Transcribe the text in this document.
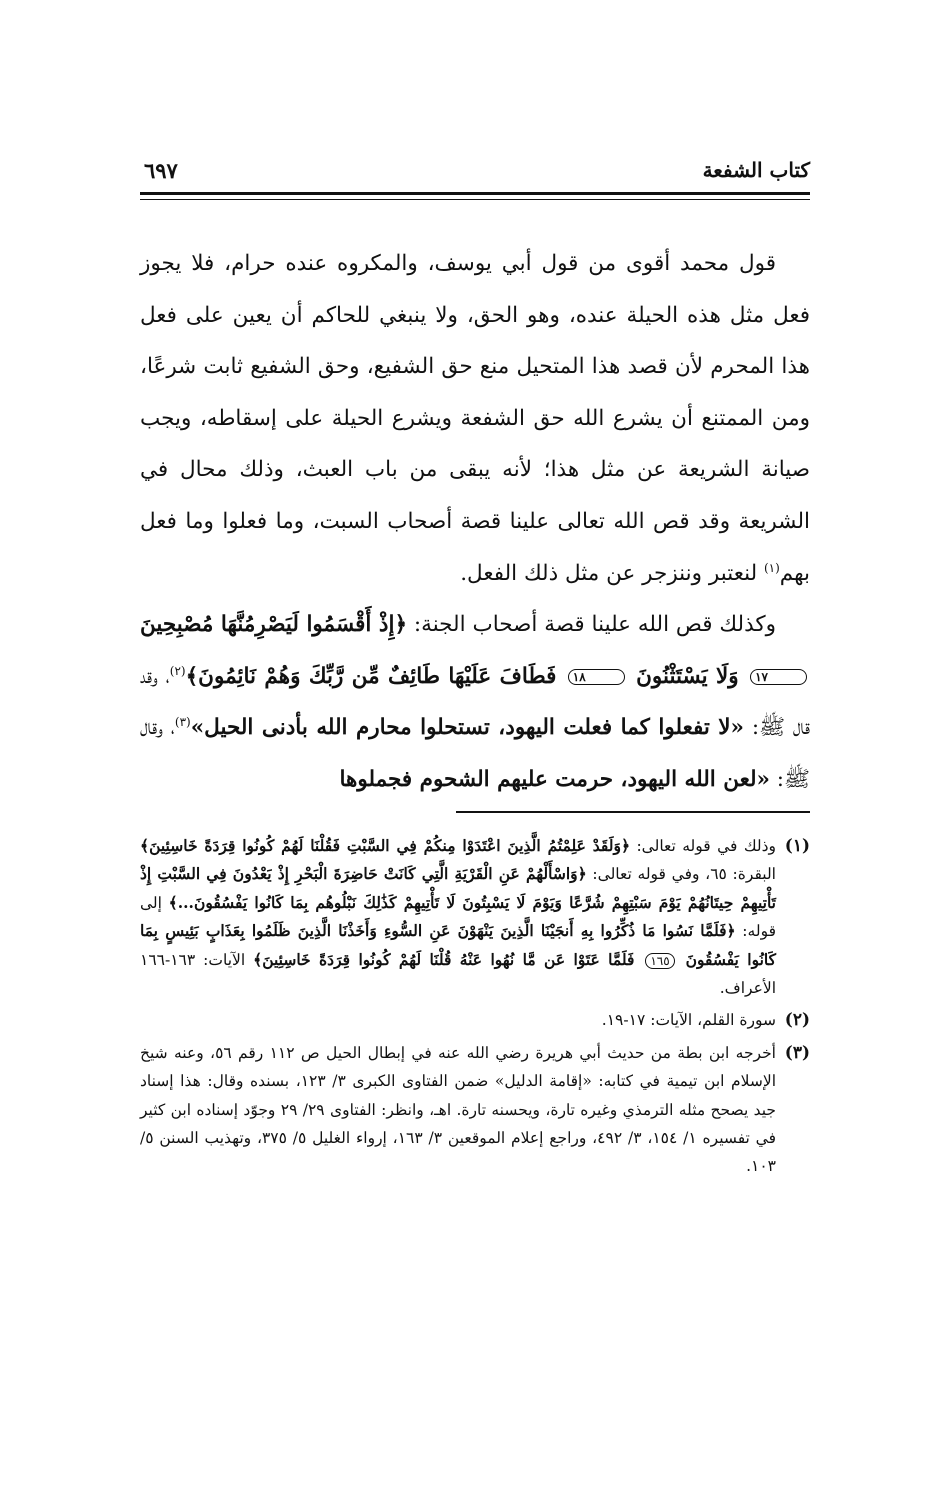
كتاب الشفعة
٦٩٧

قول محمد أقوى من قول أبي يوسف، والمكروه عنده حرام، فلا يجوز فعل مثل هذه الحيلة عنده، وهو الحق، ولا ينبغي للحاكم أن يعين على فعل هذا المحرم لأن قصد هذا المتحيل منع حق الشفيع، وحق الشفيع ثابت شرعًا، ومن الممتنع أن يشرع الله حق الشفعة ويشرع الحيلة على إسقاطه، ويجب صيانة الشريعة عن مثل هذا؛ لأنه يبقى من باب العبث، وذلك محال في الشريعة وقد قص الله تعالى علينا قصة أصحاب السبت، وما فعلوا وما فعل بهم$^{(١)}$ لنعتبر وننزجر عن مثل ذلك الفعل.

وكذلك قص الله علينا قصة أصحاب الجنة: ﴿إِذْ أَقْسَمُوا لَيَصْرِمُنَّهَا مُصْبِحِينَ ١٧ وَلَا يَسْتَثْنُونَ ١٨ فَطَافَ عَلَيْهَا طَائِفٌ مِّن رَّبِّكَ وَهُمْ نَائِمُونَ﴾$^{(٢)}$، وقد قال ﷺ: «لا تفعلوا كما فعلت اليهود، تستحلوا محارم الله بأدنى الحيل»$^{(٣)}$، وقال ﷺ: «لعن الله اليهود، حرمت عليهم الشحوم فجملوها

(١)
وذلك في قوله تعالى: ﴿وَلَقَدْ عَلِمْتُمُ الَّذِينَ اعْتَدَوْا مِنكُمْ فِي السَّبْتِ فَقُلْنَا لَهُمْ كُونُوا قِرَدَةً خَاسِئِينَ﴾ البقرة: ٦٥، وفي قوله تعالى: ﴿وَاسْأَلْهُمْ عَنِ الْقَرْيَةِ الَّتِي كَانَتْ حَاضِرَةَ الْبَحْرِ إِذْ يَعْدُونَ فِي السَّبْتِ إِذْ تَأْتِيهِمْ حِيتَانُهُمْ يَوْمَ سَبْتِهِمْ شُرَّعًا وَيَوْمَ لَا يَسْبِتُونَ لَا تَأْتِيهِمْ كَذَٰلِكَ نَبْلُوهُم بِمَا كَانُوا يَفْسُقُونَ...﴾ إلى قوله: ﴿فَلَمَّا نَسُوا مَا ذُكِّرُوا بِهِ أَنجَيْنَا الَّذِينَ يَنْهَوْنَ عَنِ السُّوءِ وَأَخَذْنَا الَّذِينَ ظَلَمُوا بِعَذَابٍ بَئِيسٍ بِمَا كَانُوا يَفْسُقُونَ ١٦٥ فَلَمَّا عَتَوْا عَن مَّا نُهُوا عَنْهُ قُلْنَا لَهُمْ كُونُوا قِرَدَةً خَاسِئِينَ﴾ الآيات: ١٦٣-١٦٦ الأعراف.
(٢)
سورة القلم، الآيات: ١٧-١٩.
(٣)
أخرجه ابن بطة من حديث أبي هريرة رضي الله عنه في إبطال الحيل ص ١١٢ رقم ٥٦، وعنه شيخ الإسلام ابن تيمية في كتابه: «إقامة الدليل» ضمن الفتاوى الكبرى ٣/ ١٢٣، بسنده وقال: هذا إسناد جيد يصحح مثله الترمذي وغيره تارة، ويحسنه تارة. اهـ، وانظر: الفتاوى ٢٩/ ٢٩ وجوّد إسناده ابن كثير في تفسيره ١/ ١٥٤، ٣/ ٤٩٢، وراجع إعلام الموقعين ٣/ ١٦٣، إرواء الغليل ٥/ ٣٧٥، وتهذيب السنن ٥/ ١٠٣.
